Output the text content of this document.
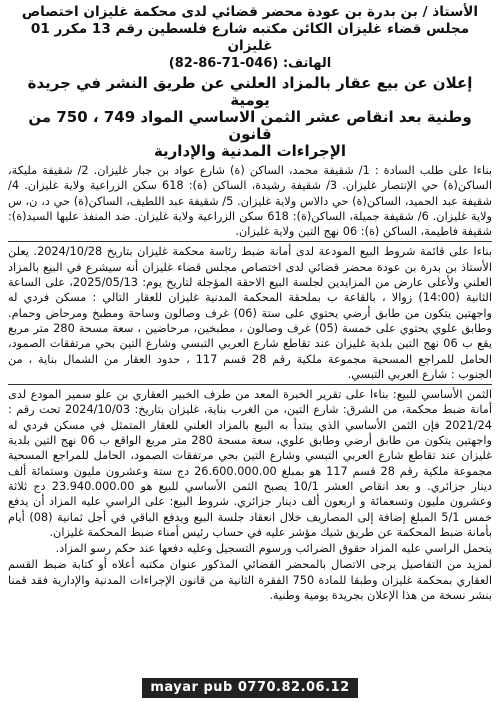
الأستاذ / بن بدرة بن عودة محضر قضائي لدى محكمة غليزان اختصاص

مجلس قضاء غليزان الكائن مكتبه شارع فلسطين رقم 13 مكرر 01 غليزان

الهاتف: (046-71-86-82)

إعلان عن بيع عقار بالمزاد العلني عن طريق النشر في جريدة يومية

وطنية بعد انقاص عشر الثمن الاساسي المواد 749 ، 750 من قانون

الإجراءات المدنية والإدارية

بناءا على طلب السادة : 1/ شقيفة محمد، الساكن (ة) شارع عواد بن جبار غليزان. 2/ شقيفة مليكة، الساكن(ة) حي الإنتصار غليزان. 3/ شقيفة رشيدة، الساكن (ة): 618 سكن الزراعية ولاية غليزان. 4/ شقيفة عبد الحميد، الساكن(ة) حي دالاس ولاية غليزان. 5/ شقيفة عبد اللطيف، الساكن(ة) حي د، ن، س ولاية غليزان. 6/ شقيفة جميلة، الساكن(ة): 618 سكن الزراعية ولاية غليزان. ضد المنفذ عليها السيد(ة): شقيفة فاطيمة، الساكن (ة): 06 نهج التين ولاية غليزان.

بناءا على قائمة شروط البيع المودعة لدى أمانة ضبط رئاسة محكمة غليزان بتاريخ 2024/10/28. يعلن الأستاذ بن بدرة بن عودة محضر قضائي لدى اختصاص مجلس قضاء غليزان أنه سيشرع في البيع بالمزاد العلني ولأعلى عارض من المزايدين لجلسة البيع الاحقة المؤجلة لتاريخ يوم: 2025/05/13، على الساعة الثانية (14:00) زوالا ، بالقاعة ب بملحقة المحكمة المدنية غليزان للعقار التالي : مسكن فردي له واجهتين يتكون من طابق أرضي يحتوي على ستة (06) غرف وصالون وساحة ومطبخ ومرحاض وحمام. وطابق علوي يحتوي على خمسة (05) غرف وصالون ، مطبخين، مرحاضين ، سعة مسحة 280 متر مربع يقع ب 06 نهج التين بلدية غليزان عند تقاطع شارع العربي التبسي وشارع التين بحي مرتفقات الصمود، الحامل للمراجع المسحية مجموعة ملكية رقم 28 قسم 117 ، حدود العقار من الشمال بناية ، من الجنوب : شارع العربي التبسي.

الثمن الأساسي للبيع: بناءا على تقرير الخبرة المعد من طرف الخبير العقاري بن علو سمير المودع لدى أمانة ضبط محكمة، من الشرق: شارع التين، من الغرب بناية، غليزان بتاريخ: 2024/10/03 تحت رقم : 2021/24 فإن الثمن الأساسي الذي يبتدأ به البيع بالمزاد العلني للعقار المتمثل في مسكن فردي له واجهتين يتكون من طابق أرضي وطابق علوي، سعة مسحة 280 متر مربع الواقع ب 06 نهج التين بلدية غليزان عند تقاطع شارع العربي التبسي وشارع التين بحي مرتفقات الصمود، الحامل للمراجع المسحية مجموعة ملكية رقم 28 قسم 117 هو بمبلغ 26.600.000.00 دج ستة وعشرون مليون وستمائة ألف دينار جزائري. و بعد انقاص العشر 10/1 يصبح الثمن الأساسي للبيع هو 23.940.000.00 دج ثلاثة وعشرون مليون وتسعمائة و اربعون ألف دينار جزائري. شروط البيع: على الراسي عليه المزاد أن يدفع خمس 5/1 المبلغ إضافة إلى المصاريف خلال انعقاد جلسة البيع ويدفع الباقي في أجل ثمانية (08) أيام بأمانة ضبط المحكمة عن طريق شيك مؤشر عليه في حساب رئيس أمناء ضبط المحكمة غليزان.

يتحمل الراسي عليه المزاد حقوق الضرائب ورسوم التسجيل وعليه دفعها عند حكم رسو المزاد.

لمزيد من التفاصيل يرجى الاتصال بالمحضر القضائي المذكور عنوان مكتبه أعلاه أو كتابة ضبط القسم العقاري بمحكمة غليزان وطبقا للمادة 750 الفقرة الثانية من قانون الإجراءات المدنية والإدارية فقد قمنا بنشر نسخة من هذا الإعلان بجريدة يومية وطنية.

mayar pub 0770.82.06.12
